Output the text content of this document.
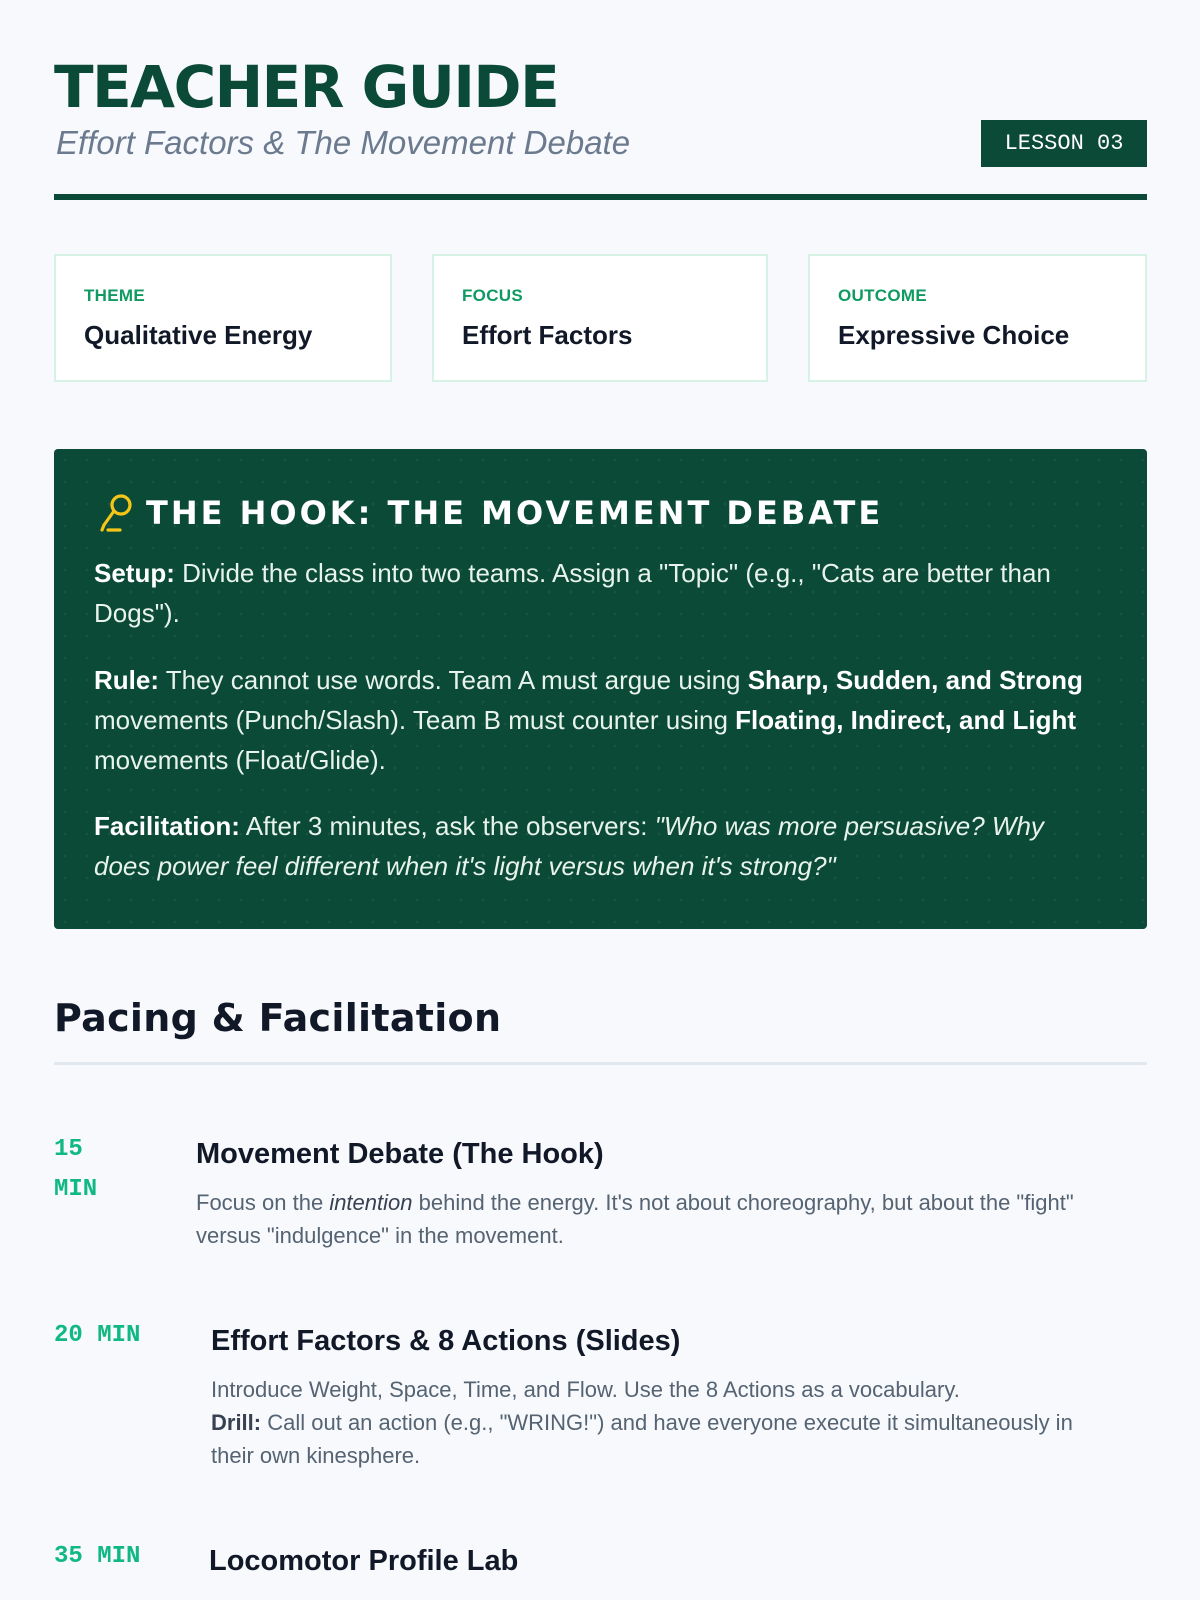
TEACHER GUIDE
Effort Factors & The Movement Debate	LESSON 03
THEME
Qualitative Energy
FOCUS
Effort Factors
OUTCOME
Expressive Choice
THE HOOK: THE MOVEMENT DEBATE

Setup: Divide the class into two teams. Assign a "Topic" (e.g., "Cats are better than Dogs").

Rule: They cannot use words. Team A must argue using Sharp, Sudden, and Strong movements (Punch/Slash). Team B must counter using Floating, Indirect, and Light movements (Float/Glide).

Facilitation: After 3 minutes, ask the observers: "Who was more persuasive? Why does power feel different when it's light versus when it's strong?"

Pacing & Facilitation
15 MIN
Movement Debate (The Hook)

Focus on the intention behind the energy. It's not about choreography, but about the "fight" versus "indulgence" in the movement.

20 MIN Effort Factors & 8 Actions (Slides)

Introduce Weight, Space, Time, and Flow. Use the 8 Actions as a vocabulary.
Drill: Call out an action (e.g., "WRING!") and have everyone execute it simultaneously in their own kinesphere.

35 MIN Locomotor Profile Lab
